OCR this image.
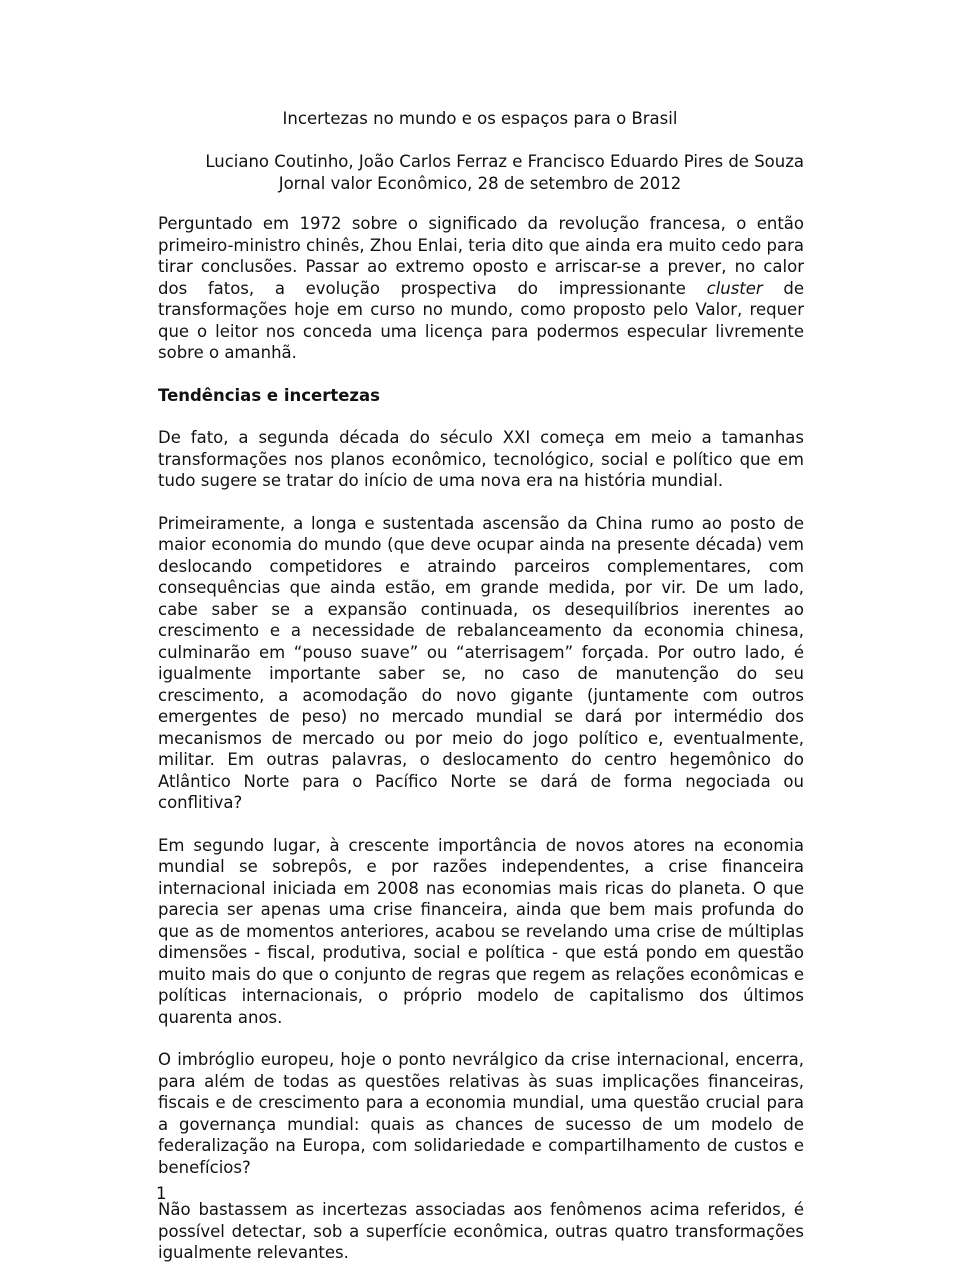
Incertezas no mundo e os espaços para o Brasil
Luciano Coutinho, João Carlos Ferraz e Francisco Eduardo Pires de Souza
Jornal valor Econômico, 28 de setembro de 2012

Perguntado em 1972 sobre o significado da revolução francesa, o então primeiro-ministro chinês, Zhou Enlai, teria dito que ainda era muito cedo para tirar conclusões. Passar ao extremo oposto e arriscar-se a prever, no calor dos fatos, a evolução prospectiva do impressionante cluster de transformações hoje em curso no mundo, como proposto pelo Valor, requer que o leitor nos conceda uma licença para podermos especular livremente sobre o amanhã.

Tendências e incertezas

De fato, a segunda década do século XXI começa em meio a tamanhas transformações nos planos econômico, tecnológico, social e político que em tudo sugere se tratar do início de uma nova era na história mundial.

Primeiramente, a longa e sustentada ascensão da China rumo ao posto de maior economia do mundo (que deve ocupar ainda na presente década) vem deslocando competidores e atraindo parceiros complementares, com consequências que ainda estão, em grande medida, por vir. De um lado, cabe saber se a expansão continuada, os desequilíbrios inerentes ao crescimento e a necessidade de rebalanceamento da economia chinesa, culminarão em “pouso suave” ou “aterrisagem” forçada. Por outro lado, é igualmente importante saber se, no caso de manutenção do seu crescimento, a acomodação do novo gigante (juntamente com outros emergentes de peso) no mercado mundial se dará por intermédio dos mecanismos de mercado ou por meio do jogo político e, eventualmente, militar. Em outras palavras, o deslocamento do centro hegemônico do Atlântico Norte para o Pacífico Norte se dará de forma negociada ou conflitiva?

Em segundo lugar, à crescente importância de novos atores na economia mundial se sobrepôs, e por razões independentes, a crise financeira internacional iniciada em 2008 nas economias mais ricas do planeta. O que parecia ser apenas uma crise financeira, ainda que bem mais profunda do que as de momentos anteriores, acabou se revelando uma crise de múltiplas dimensões - fiscal, produtiva, social e política - que está pondo em questão muito mais do que o conjunto de regras que regem as relações econômicas e políticas internacionais, o próprio modelo de capitalismo dos últimos quarenta anos.

O imbróglio europeu, hoje o ponto nevrálgico da crise internacional, encerra, para além de todas as questões relativas às suas implicações financeiras, fiscais e de crescimento para a economia mundial, uma questão crucial para a governança mundial: quais as chances de sucesso de um modelo de federalização na Europa, com solidariedade e compartilhamento de custos e benefícios?

Não bastassem as incertezas associadas aos fenômenos acima referidos, é possível detectar, sob a superfície econômica, outras quatro transformações igualmente relevantes.

1
